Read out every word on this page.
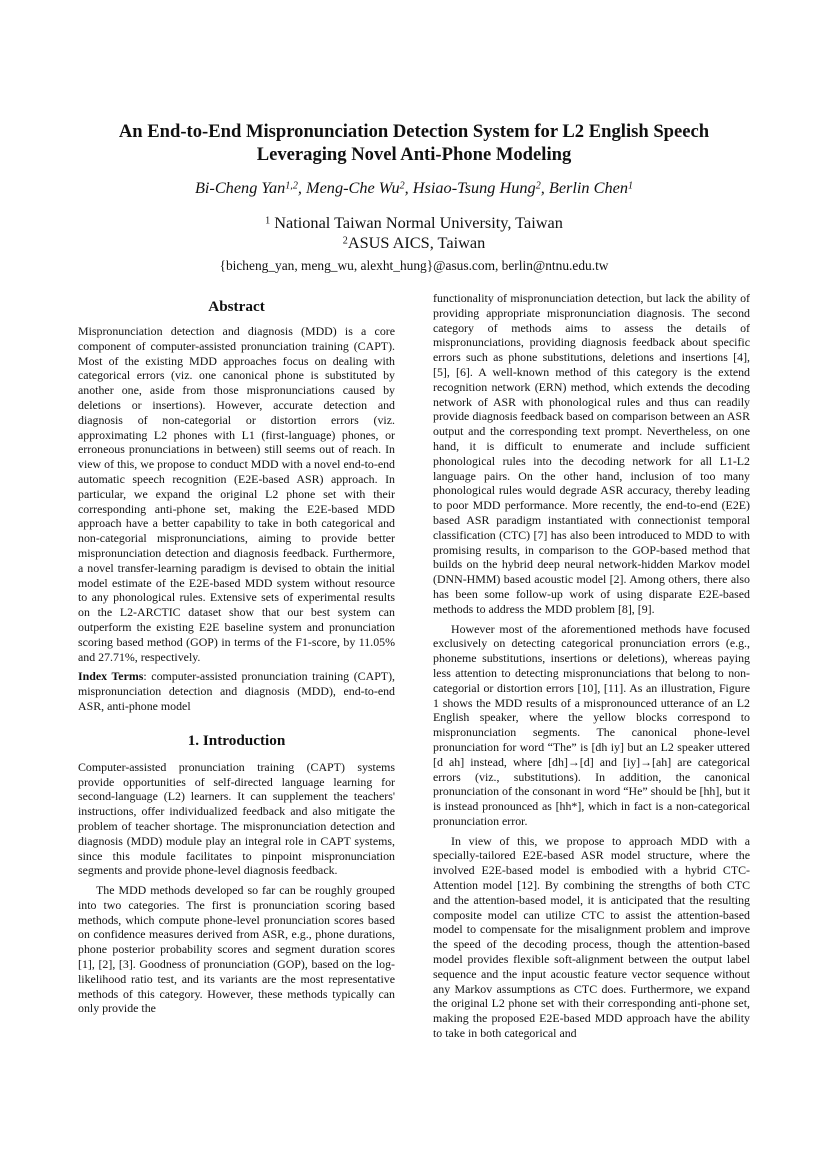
An End-to-End Mispronunciation Detection System for L2 English Speech
Leveraging Novel Anti-Phone Modeling
Bi-Cheng Yan$^{1,2}$, Meng-Che Wu$^2$, Hsiao-Tsung Hung$^2$, Berlin Chen$^1$
$^1$ National Taiwan Normal University, Taiwan
$^2$ASUS AICS, Taiwan
{bicheng_yan, meng_wu, alexht_hung}@asus.com, berlin@ntnu.edu.tw
Abstract

Mispronunciation detection and diagnosis (MDD) is a core component of computer-assisted pronunciation training (CAPT). Most of the existing MDD approaches focus on dealing with categorical errors (viz. one canonical phone is substituted by another one, aside from those mispronunciations caused by deletions or insertions). However, accurate detection and diagnosis of non-categorial or distortion errors (viz. approximating L2 phones with L1 (first-language) phones, or erroneous pronunciations in between) still seems out of reach. In view of this, we propose to conduct MDD with a novel end-to-end automatic speech recognition (E2E-based ASR) approach. In particular, we expand the original L2 phone set with their corresponding anti-phone set, making the E2E-based MDD approach have a better capability to take in both categorical and non-categorial mispronunciations, aiming to provide better mispronunciation detection and diagnosis feedback. Furthermore, a novel transfer-learning paradigm is devised to obtain the initial model estimate of the E2E-based MDD system without resource to any phonological rules. Extensive sets of experimental results on the L2-ARCTIC dataset show that our best system can outperform the existing E2E baseline system and pronunciation scoring based method (GOP) in terms of the F1-score, by 11.05% and 27.71%, respectively.

Index Terms: computer-assisted pronunciation training (CAPT), mispronunciation detection and diagnosis (MDD), end-to-end ASR, anti-phone model

1. Introduction

Computer-assisted pronunciation training (CAPT) systems provide opportunities of self-directed language learning for second-language (L2) learners. It can supplement the teachers' instructions, offer individualized feedback and also mitigate the problem of teacher shortage. The mispronunciation detection and diagnosis (MDD) module play an integral role in CAPT systems, since this module facilitates to pinpoint mispronunciation segments and provide phone-level diagnosis feedback.

The MDD methods developed so far can be roughly grouped into two categories. The first is pronunciation scoring based methods, which compute phone-level pronunciation scores based on confidence measures derived from ASR, e.g., phone durations, phone posterior probability scores and segment duration scores [1], [2], [3]. Goodness of pronunciation (GOP), based on the log-likelihood ratio test, and its variants are the most representative methods of this category. However, these methods typically can only provide the

functionality of mispronunciation detection, but lack the ability of providing appropriate mispronunciation diagnosis. The second category of methods aims to assess the details of mispronunciations, providing diagnosis feedback about specific errors such as phone substitutions, deletions and insertions [4], [5], [6]. A well-known method of this category is the extend recognition network (ERN) method, which extends the decoding network of ASR with phonological rules and thus can readily provide diagnosis feedback based on comparison between an ASR output and the corresponding text prompt. Nevertheless, on one hand, it is difficult to enumerate and include sufficient phonological rules into the decoding network for all L1-L2 language pairs. On the other hand, inclusion of too many phonological rules would degrade ASR accuracy, thereby leading to poor MDD performance. More recently, the end-to-end (E2E) based ASR paradigm instantiated with connectionist temporal classification (CTC) [7] has also been introduced to MDD to with promising results, in comparison to the GOP-based method that builds on the hybrid deep neural network-hidden Markov model (DNN-HMM) based acoustic model [2]. Among others, there also has been some follow-up work of using disparate E2E-based methods to address the MDD problem [8], [9].

However most of the aforementioned methods have focused exclusively on detecting categorical pronunciation errors (e.g., phoneme substitutions, insertions or deletions), whereas paying less attention to detecting mispronunciations that belong to non-categorial or distortion errors [10], [11]. As an illustration, Figure 1 shows the MDD results of a mispronounced utterance of an L2 English speaker, where the yellow blocks correspond to mispronunciation segments. The canonical phone-level pronunciation for word “The” is [dh iy] but an L2 speaker uttered [d ah] instead, where [dh]→[d] and [iy]→[ah] are categorical errors (viz., substitutions). In addition, the canonical pronunciation of the consonant in word “He” should be [hh], but it is instead pronounced as [hh*], which in fact is a non-categorical pronunciation error.

In view of this, we propose to approach MDD with a specially-tailored E2E-based ASR model structure, where the involved E2E-based model is embodied with a hybrid CTC-Attention model [12]. By combining the strengths of both CTC and the attention-based model, it is anticipated that the resulting composite model can utilize CTC to assist the attention-based model to compensate for the misalignment problem and improve the speed of the decoding process, though the attention-based model provides flexible soft-alignment between the output label sequence and the input acoustic feature vector sequence without any Markov assumptions as CTC does. Furthermore, we expand the original L2 phone set with their corresponding anti-phone set, making the proposed E2E-based MDD approach have the ability to take in both categorical and
